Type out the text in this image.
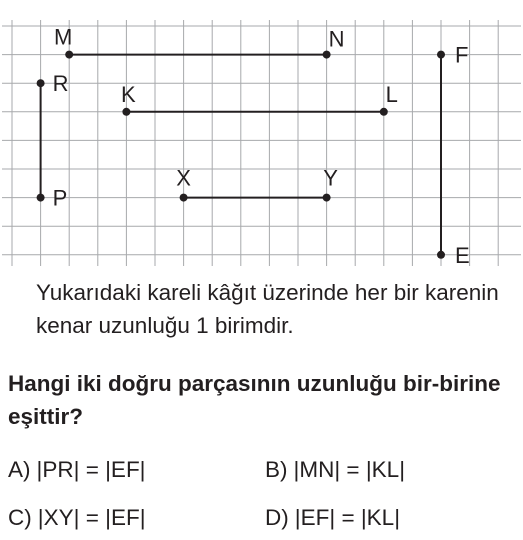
M	N
R
P
K	L
X	Y
F
E
Yukarıdaki kareli kâğıt üzerinde her bir karenin kenar uzunluğu 1 birimdir.
Hangi iki doğru parçasının uzunluğu bir-birine eşittir?
A) |PR| = |EF|	B) |MN| = |KL|
C) |XY| = |EF|	D) |EF| = |KL|
